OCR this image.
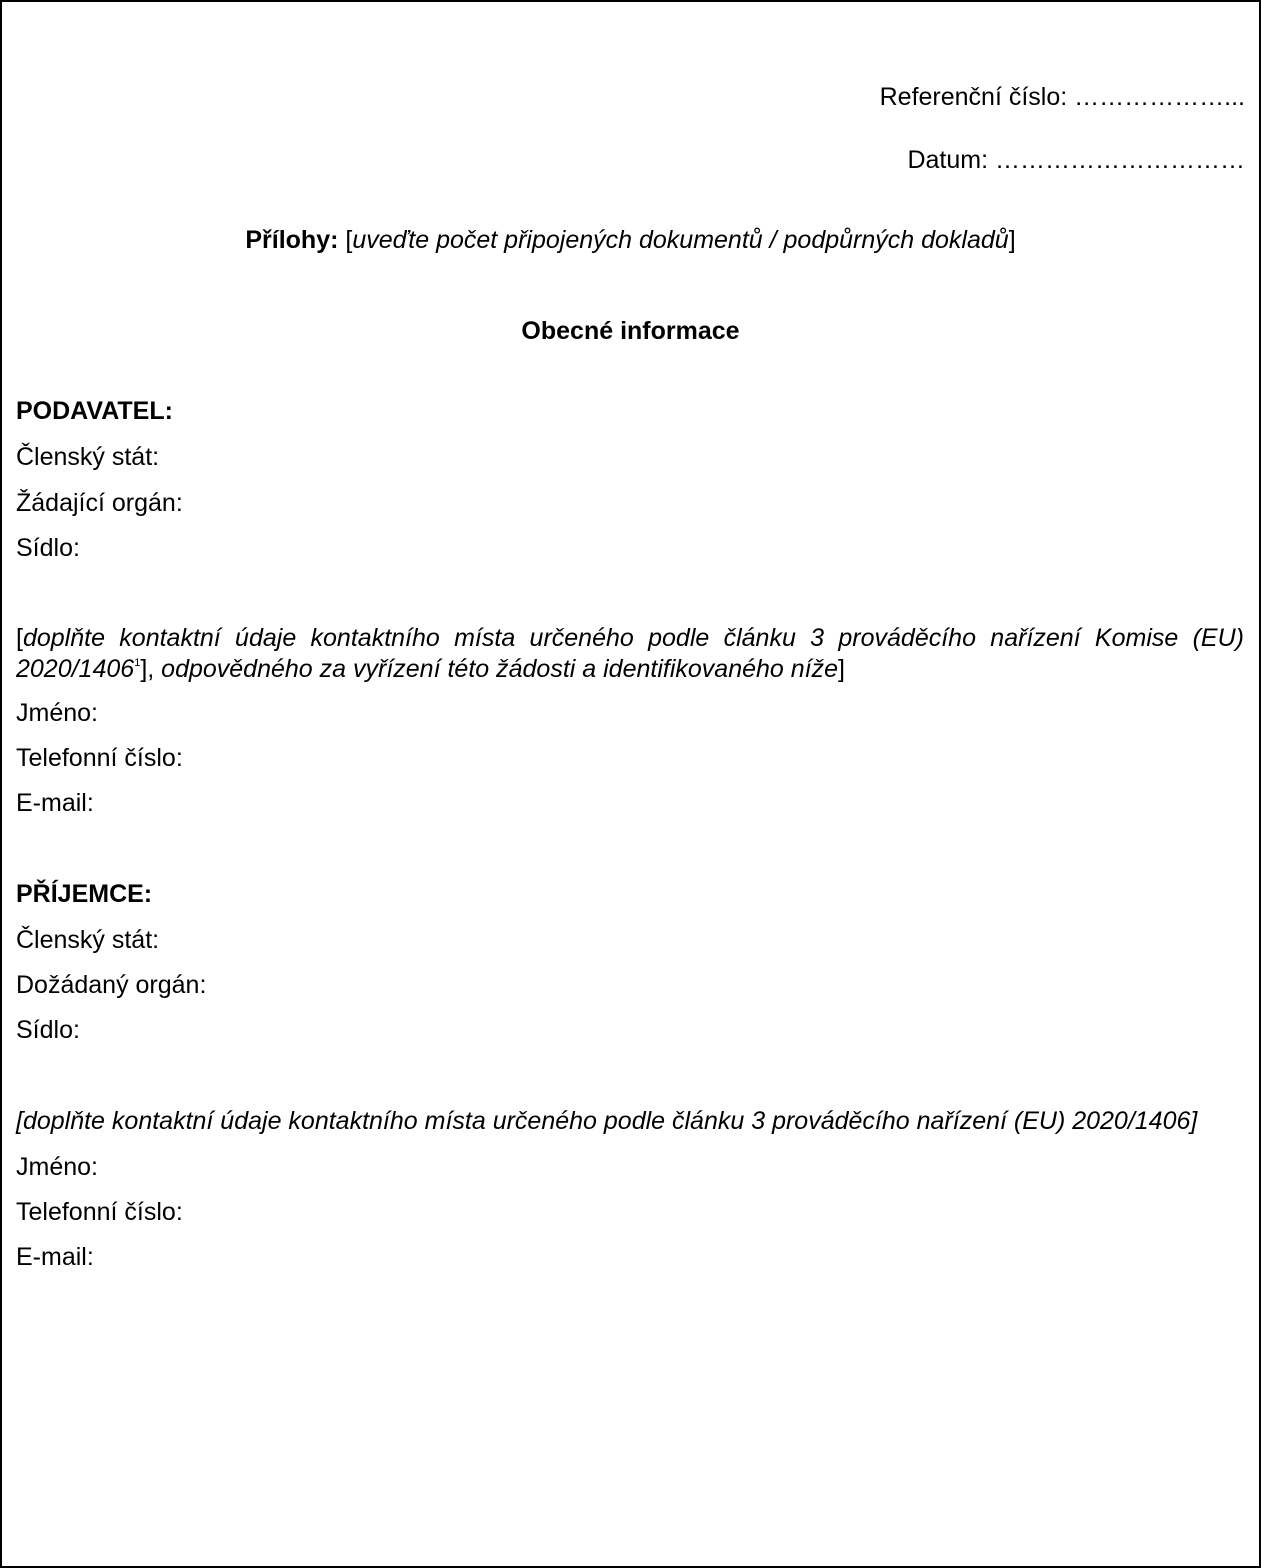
Referenční číslo: ………………...
Datum: …………………………
Přílohy: [uveďte počet připojených dokumentů / podpůrných dokladů]
Obecné informace
PODAVATEL:
Členský stát:
Žádající orgán:
Sídlo:
[doplňte kontaktní údaje kontaktního místa určeného podle článku 3 prováděcího nařízení Komise (EU) 2020/1406$^1$], odpovědného za vyřízení této žádosti a identifikovaného níže]
Jméno:
Telefonní číslo:
E-mail:
PŘÍJEMCE:
Členský stát:
Dožádaný orgán:
Sídlo:
[doplňte kontaktní údaje kontaktního místa určeného podle článku 3 prováděcího nařízení (EU) 2020/1406]
Jméno:
Telefonní číslo:
E-mail:
